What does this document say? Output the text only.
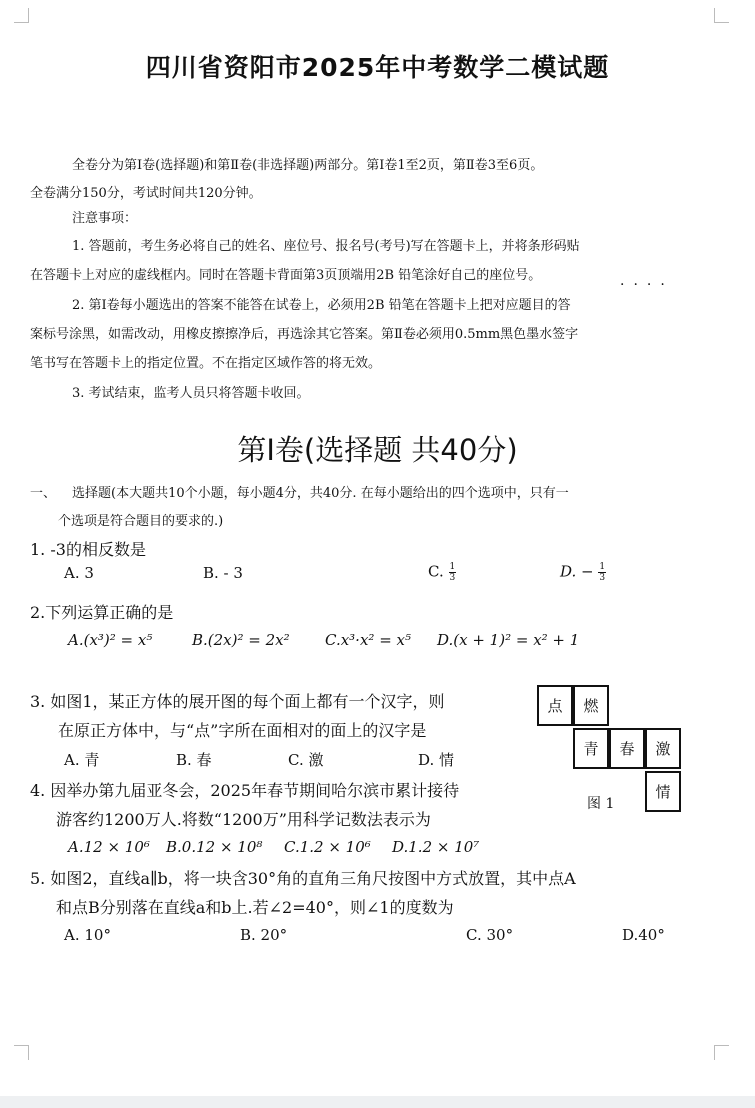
四川省资阳市2025年中考数学二模试题
全卷分为第Ⅰ卷(选择题)和第Ⅱ卷(非选择题)两部分。第Ⅰ卷1至2页，第Ⅱ卷3至6页。
全卷满分150分，考试时间共120分钟。
注意事项：
1. 答题前，考生务必将自己的姓名、座位号、报名号(考号)写在答题卡上，并将条形码贴
在答题卡上对应的虚线框内。同时在答题卡背面第3页顶端用2B 铅笔涂好自己的座位号。
····
2. 第Ⅰ卷每小题选出的答案不能答在试卷上，必须用2B 铅笔在答题卡上把对应题目的答
案标号涂黑，如需改动，用橡皮擦擦净后，再选涂其它答案。第Ⅱ卷必须用0.5mm黑色墨水签字
笔书写在答题卡上的指定位置。不在指定区域作答的将无效。
3. 考试结束，监考人员只将答题卡收回。
第Ⅰ卷(选择题 共40分)
一、 选择题(本大题共10个小题，每小题4分，共40分. 在每小题给出的四个选项中，只有一
个选项是符合题目的要求的.)
1. -3的相反数是
A. 3	B. - 3	C. $\frac{1}{3}$	D. − $\frac{1}{3}$
2.下列运算正确的是
A.(x³)² = x⁵	B.(2x)² = 2x² C.x³·x² = x⁵ D.(x + 1)² = x² + 1
3. 如图1，某正方体的展开图的每个面上都有一个汉字，则
在原正方体中，与“点”字所在面相对的面上的汉字是
A. 青	B. 春	C. 激	D. 情
点	燃
青	春	激
情
图 1
4. 因举办第九届亚冬会，2025年春节期间哈尔滨市累计接待
游客约1200万人.将数“1200万”用科学记数法表示为
A.12 × 10⁶ B.0.12 × 10⁸ C.1.2 × 10⁶ D.1.2 × 10⁷
5. 如图2，直线a∥b，将一块含30°角的直角三角尺按图中方式放置，其中点A
和点B分别落在直线a和b上.若∠2=40°，则∠1的度数为
A. 10°	B. 20°	C. 30°	D.40°
